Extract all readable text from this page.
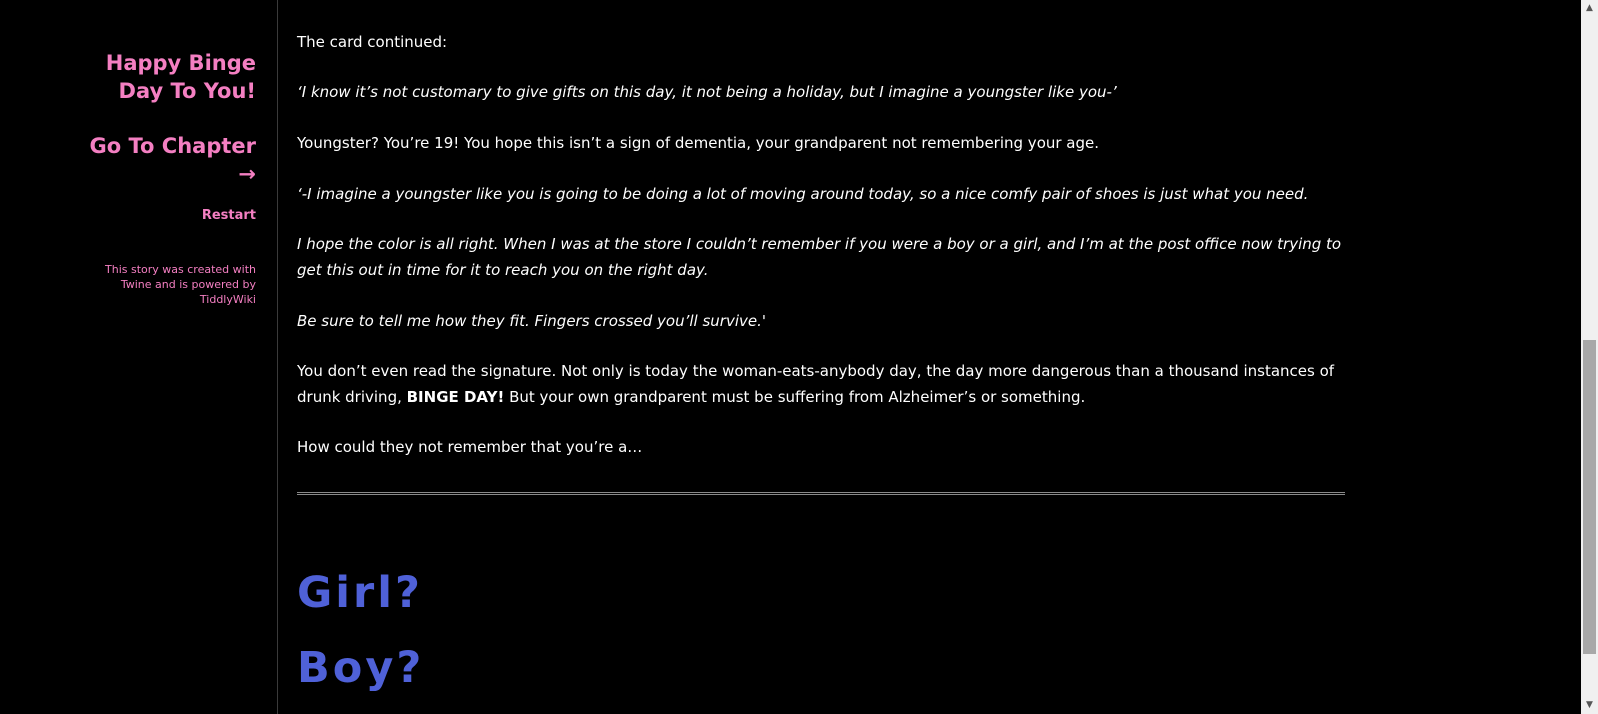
Happy Binge Day To You!
Go To Chapter
→
Restart
This story was created with Twine and is powered by TiddlyWiki

The card continued:

‘I know it’s not customary to give gifts on this day, it not being a holiday, but I imagine a youngster like you-’

Youngster? You’re 19! You hope this isn’t a sign of dementia, your grandparent not remembering your age.

‘-I imagine a youngster like you is going to be doing a lot of moving around today, so a nice comfy pair of shoes is just what you need.

I hope the color is all right. When I was at the store I couldn’t remember if you were a boy or a girl, and I’m at the post office now trying to get this out in time for it to reach you on the right day.

Be sure to tell me how they fit. Fingers crossed you’ll survive.'

You don’t even read the signature. Not only is today the woman-eats-anybody day, the day more dangerous than a thousand instances of drunk driving, BINGE DAY! But your own grandparent must be suffering from Alzheimer’s or something.

How could they not remember that you’re a…

Girl?
Boy?
▲
▼
